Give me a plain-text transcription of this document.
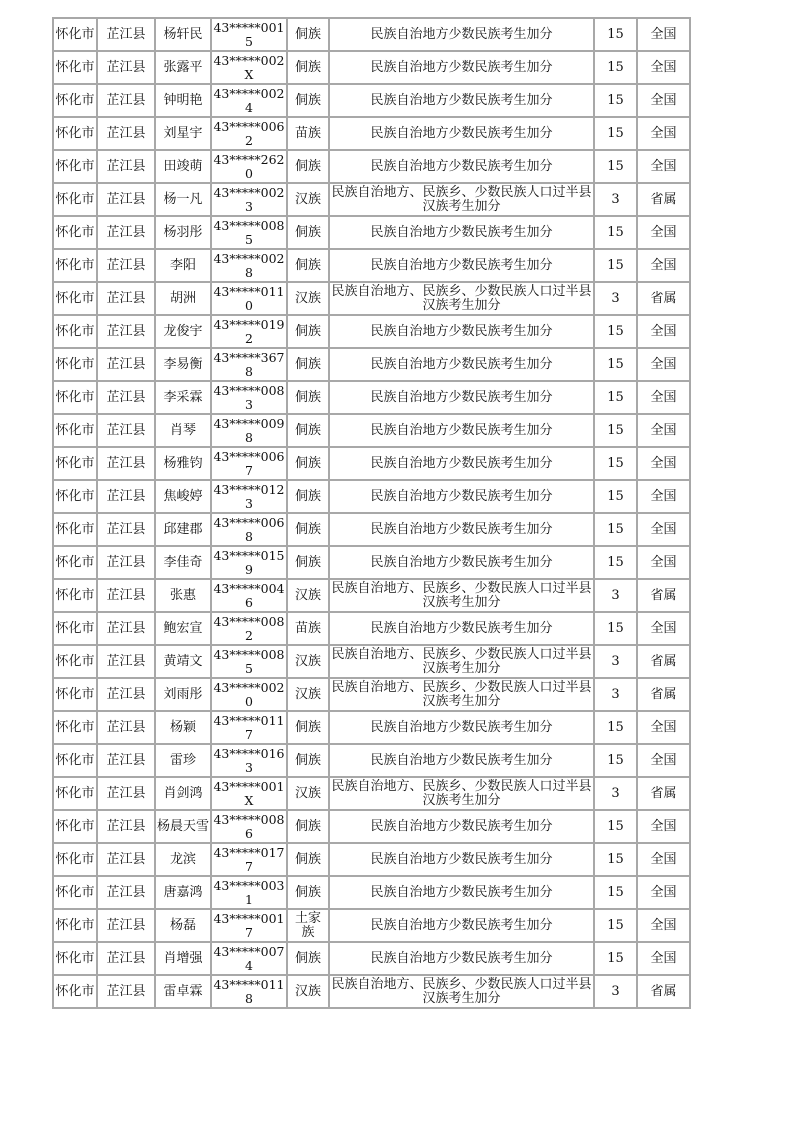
怀化市	芷江县	杨轩民	43*****0015	侗族	民族自治地方少数民族考生加分	15	全国
怀化市	芷江县	张露平	43*****002X	侗族	民族自治地方少数民族考生加分	15	全国
怀化市	芷江县	钟明艳	43*****0024	侗族	民族自治地方少数民族考生加分	15	全国
怀化市	芷江县	刘星宇	43*****0062	苗族	民族自治地方少数民族考生加分	15	全国
怀化市	芷江县	田竣萌	43*****2620	侗族	民族自治地方少数民族考生加分	15	全国
怀化市	芷江县	杨一凡	43*****0023	汉族	民族自治地方、民族乡、少数民族人口过半县汉族考生加分	3	省属
怀化市	芷江县	杨羽彤	43*****0085	侗族	民族自治地方少数民族考生加分	15	全国
怀化市	芷江县	李阳	43*****0028	侗族	民族自治地方少数民族考生加分	15	全国
怀化市	芷江县	胡洲	43*****0110	汉族	民族自治地方、民族乡、少数民族人口过半县汉族考生加分	3	省属
怀化市	芷江县	龙俊宇	43*****0192	侗族	民族自治地方少数民族考生加分	15	全国
怀化市	芷江县	李易衡	43*****3678	侗族	民族自治地方少数民族考生加分	15	全国
怀化市	芷江县	李采霖	43*****0083	侗族	民族自治地方少数民族考生加分	15	全国
怀化市	芷江县	肖琴	43*****0098	侗族	民族自治地方少数民族考生加分	15	全国
怀化市	芷江县	杨雅钧	43*****0067	侗族	民族自治地方少数民族考生加分	15	全国
怀化市	芷江县	焦峻婷	43*****0123	侗族	民族自治地方少数民族考生加分	15	全国
怀化市	芷江县	邱建郡	43*****0068	侗族	民族自治地方少数民族考生加分	15	全国
怀化市	芷江县	李佳奇	43*****0159	侗族	民族自治地方少数民族考生加分	15	全国
怀化市	芷江县	张惠	43*****0046	汉族	民族自治地方、民族乡、少数民族人口过半县汉族考生加分	3	省属
怀化市	芷江县	鲍宏宣	43*****0082	苗族	民族自治地方少数民族考生加分	15	全国
怀化市	芷江县	黄靖文	43*****0085	汉族	民族自治地方、民族乡、少数民族人口过半县汉族考生加分	3	省属
怀化市	芷江县	刘雨彤	43*****0020	汉族	民族自治地方、民族乡、少数民族人口过半县汉族考生加分	3	省属
怀化市	芷江县	杨颖	43*****0117	侗族	民族自治地方少数民族考生加分	15	全国
怀化市	芷江县	雷珍	43*****0163	侗族	民族自治地方少数民族考生加分	15	全国
怀化市	芷江县	肖剑鸿	43*****001X	汉族	民族自治地方、民族乡、少数民族人口过半县汉族考生加分	3	省属
怀化市	芷江县	杨晨天雪	43*****0086	侗族	民族自治地方少数民族考生加分	15	全国
怀化市	芷江县	龙滨	43*****0177	侗族	民族自治地方少数民族考生加分	15	全国
怀化市	芷江县	唐嘉鸿	43*****0031	侗族	民族自治地方少数民族考生加分	15	全国
怀化市	芷江县	杨磊	43*****0017	土家族	民族自治地方少数民族考生加分	15	全国
怀化市	芷江县	肖增强	43*****0074	侗族	民族自治地方少数民族考生加分	15	全国
怀化市	芷江县	雷卓霖	43*****0118	汉族	民族自治地方、民族乡、少数民族人口过半县汉族考生加分	3	省属
